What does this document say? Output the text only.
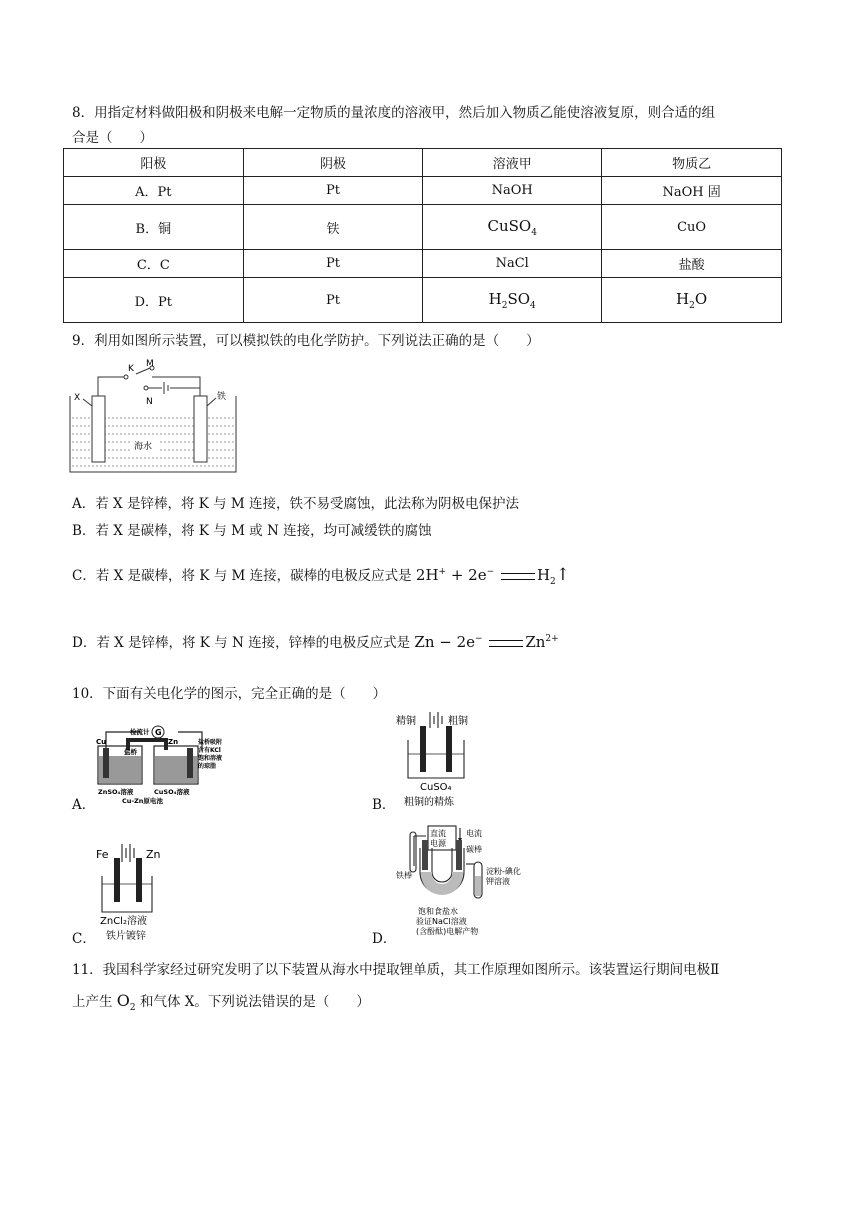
8．用指定材料做阳极和阴极来电解一定物质的量浓度的溶液甲，然后加入物质乙能使溶液复原，则合适的组
合是（　　）
阳极	阴极	溶液甲	物质乙
A．Pt	Pt	NaOH	NaOH 固
B．铜	铁	CuSO$_4$	CuO
C．C	Pt	NaCl	盐酸
D．Pt	Pt	$H_2SO_4$	$H_2O$
9．利用如图所示装置，可以模拟铁的电化学防护。下列说法正确的是（　　）
M
K
N
X	铁
海水
A．若 X 是锌棒，将 K 与 M 连接，铁不易受腐蚀，此法称为阴极电保护法
B．若 X 是碳棒，将 K 与 M 或 N 连接，均可减缓铁的腐蚀
C．若 X 是碳棒，将 K 与 M 连接，碳棒的电极反应式是 2H+ + 2e−	$H_2↑$
D．若 X 是锌棒，将 K 与 N 连接，锌棒的电极反应式是 Zn − 2e−	$Zn^{2+}$
10．下面有关电化学的图示，完全正确的是（　　）
A．
G
Cu	Zn
检流计
盐桥
盐桥吸附
含有KCl
饱和溶液
的琼脂
ZnSO₄溶液	CuSO₄溶液
Cu-Zn原电池	B．
精铜	粗铜
CuSO₄
粗铜的精炼
C．
Fe	Zn
ZnCl₂溶液
铁片镀锌	D．
直流
电源
电流
碳棒
铁棒	淀粉-碘化
钾溶液
饱和食盐水
验证NaCl溶液
(含酚酞)电解产物
11．我国科学家经过研究发明了以下装置从海水中提取锂单质，其工作原理如图所示。该装置运行期间电极Ⅱ
上产生 $O_2$ 和气体 X。下列说法错误的是（　　）
